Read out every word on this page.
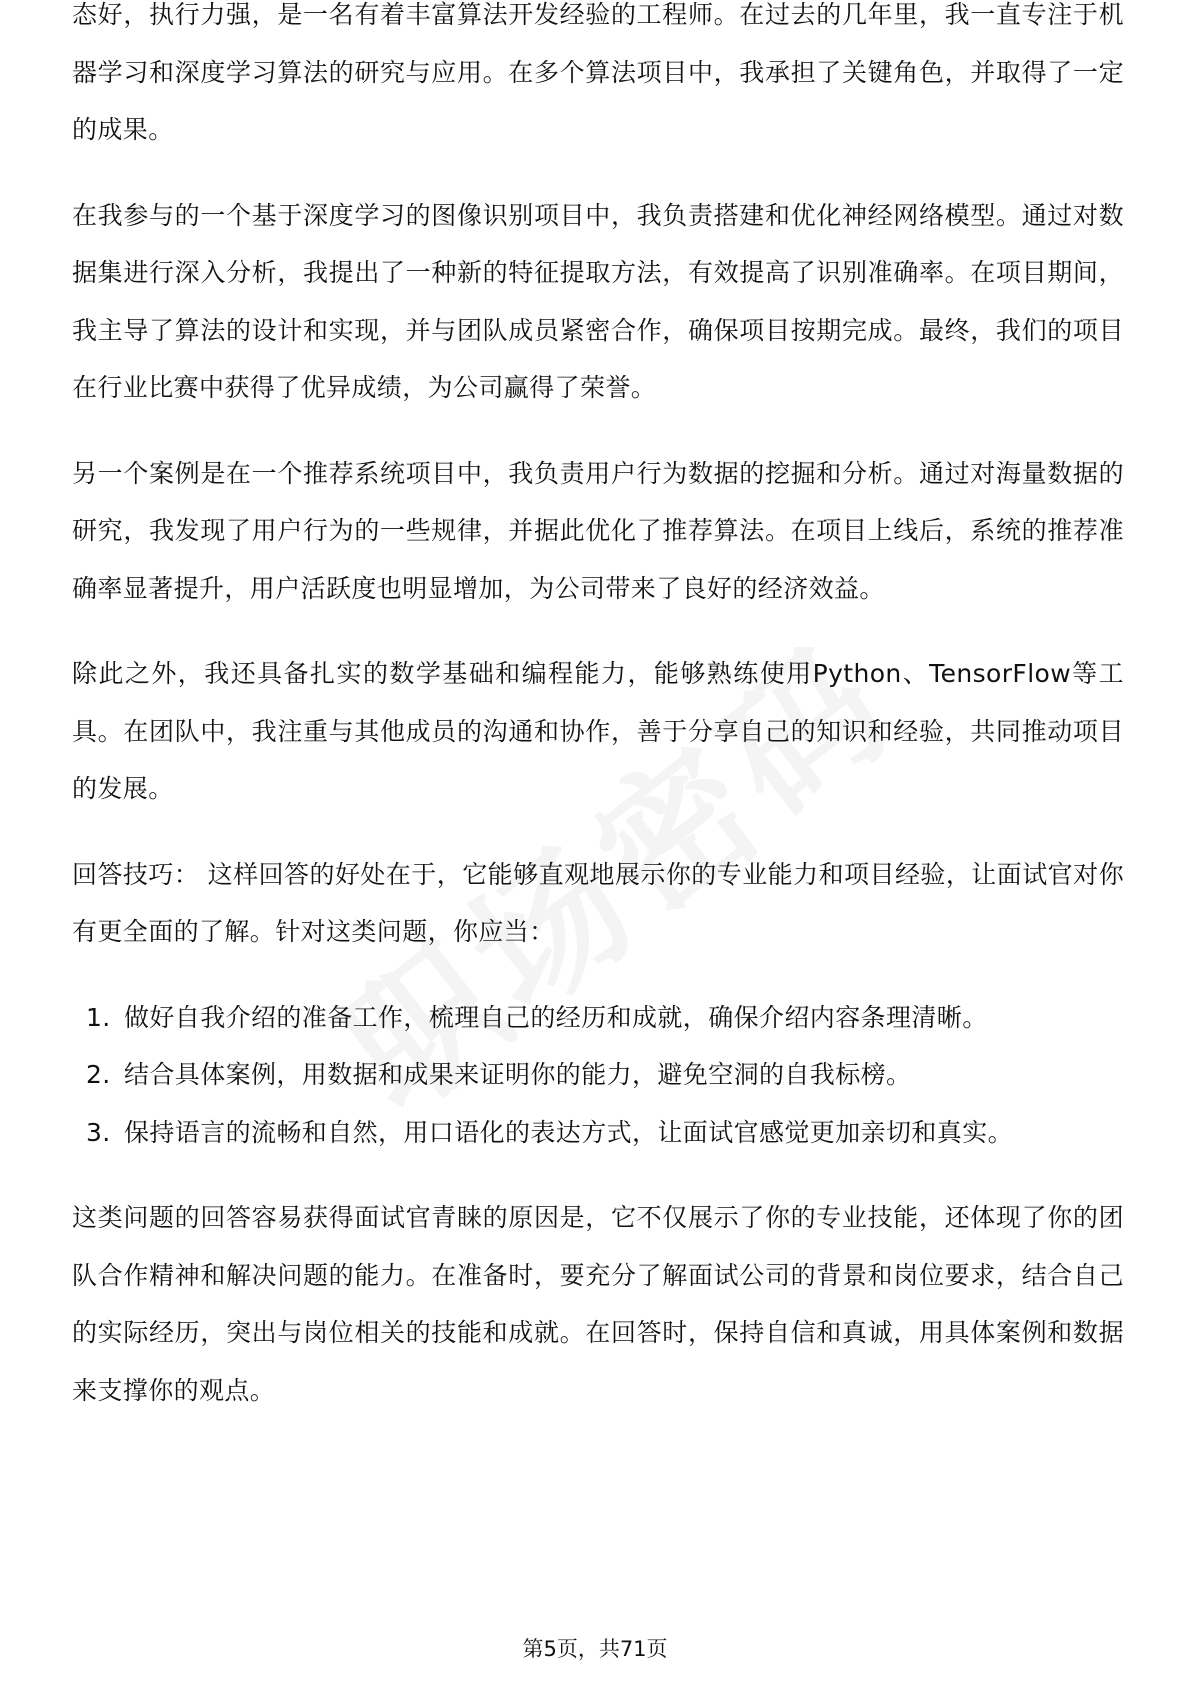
态好，执行力强，是一名有着丰富算法开发经验的工程师。在过去的几年里，我一直专注于机器学习和深度学习算法的研究与应用。在多个算法项目中，我承担了关键角色，并取得了一定的成果。

在我参与的一个基于深度学习的图像识别项目中，我负责搭建和优化神经网络模型。通过对数据集进行深入分析，我提出了一种新的特征提取方法，有效提高了识别准确率。在项目期间，我主导了算法的设计和实现，并与团队成员紧密合作，确保项目按期完成。最终，我们的项目在行业比赛中获得了优异成绩，为公司赢得了荣誉。

另一个案例是在一个推荐系统项目中，我负责用户行为数据的挖掘和分析。通过对海量数据的研究，我发现了用户行为的一些规律，并据此优化了推荐算法。在项目上线后，系统的推荐准确率显著提升，用户活跃度也明显增加，为公司带来了良好的经济效益。

除此之外，我还具备扎实的数学基础和编程能力，能够熟练使用Python、TensorFlow等工具。在团队中，我注重与其他成员的沟通和协作，善于分享自己的知识和经验，共同推动项目的发展。

回答技巧： 这样回答的好处在于，它能够直观地展示你的专业能力和项目经验，让面试官对你有更全面的了解。针对这类问题，你应当：

1. 做好自我介绍的准备工作，梳理自己的经历和成就，确保介绍内容条理清晰。
2. 结合具体案例，用数据和成果来证明你的能力，避免空洞的自我标榜。
3. 保持语言的流畅和自然，用口语化的表达方式，让面试官感觉更加亲切和真实。

这类问题的回答容易获得面试官青睐的原因是，它不仅展示了你的专业技能，还体现了你的团队合作精神和解决问题的能力。在准备时，要充分了解面试公司的背景和岗位要求，结合自己的实际经历，突出与岗位相关的技能和成就。在回答时，保持自信和真诚，用具体案例和数据来支撑你的观点。

第5页，共71页
